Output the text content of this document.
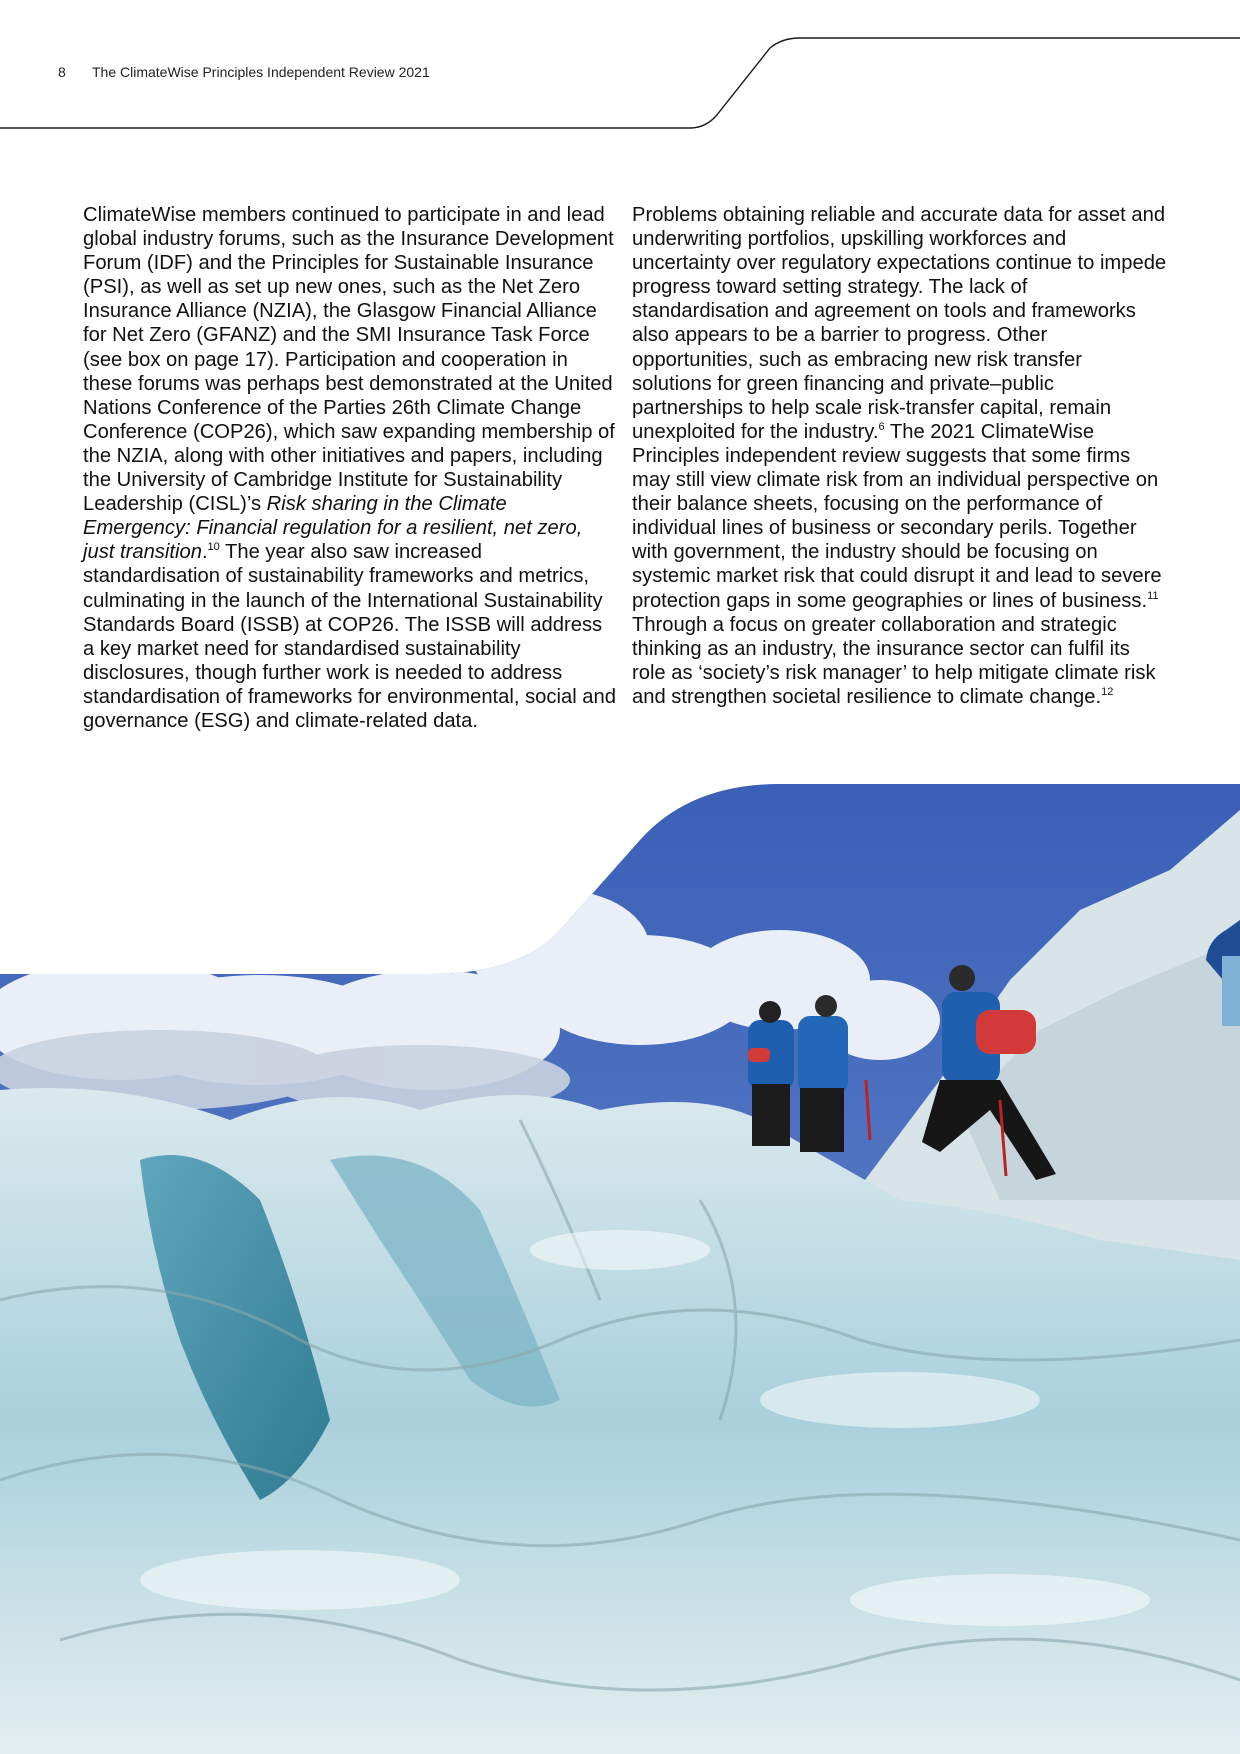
8 The ClimateWise Principles Independent Review 2021

ClimateWise members continued to participate in and lead global industry forums, such as the Insurance Development Forum (IDF) and the Principles for Sustainable Insurance (PSI), as well as set up new ones, such as the Net Zero Insurance Alliance (NZIA), the Glasgow Financial Alliance for Net Zero (GFANZ) and the SMI Insurance Task Force (see box on page 17). Participation and cooperation in these forums was perhaps best demonstrated at the United Nations Conference of the Parties 26th Climate Change Conference (COP26), which saw expanding membership of the NZIA, along with other initiatives and papers, including the University of Cambridge Institute for Sustainability Leadership (CISL)’s Risk sharing in the Climate Emergency: Financial regulation for a resilient, net zero, just transition.$^{10}$ The year also saw increased standardisation of sustainability frameworks and metrics, culminating in the launch of the International Sustainability Standards Board (ISSB) at COP26. The ISSB will address a key market need for standardised sustainability disclosures, though further work is needed to address standardisation of frameworks for environmental, social and governance (ESG) and climate-related data.

Problems obtaining reliable and accurate data for asset and underwriting portfolios, upskilling workforces and uncertainty over regulatory expectations continue to impede progress toward setting strategy. The lack of standardisation and agreement on tools and frameworks also appears to be a barrier to progress. Other opportunities, such as embracing new risk transfer solutions for green financing and private–public partnerships to help scale risk-transfer capital, remain unexploited for the industry.$^6$ The 2021 ClimateWise Principles independent review suggests that some firms may still view climate risk from an individual perspective on their balance sheets, focusing on the performance of individual lines of business or secondary perils. Together with government, the industry should be focusing on systemic market risk that could disrupt it and lead to severe protection gaps in some geographies or lines of business.$^{11}$ Through a focus on greater collaboration and strategic thinking as an industry, the insurance sector can fulfil its role as ‘society’s risk manager’ to help mitigate climate risk and strengthen societal resilience to climate change.$^{12}$
